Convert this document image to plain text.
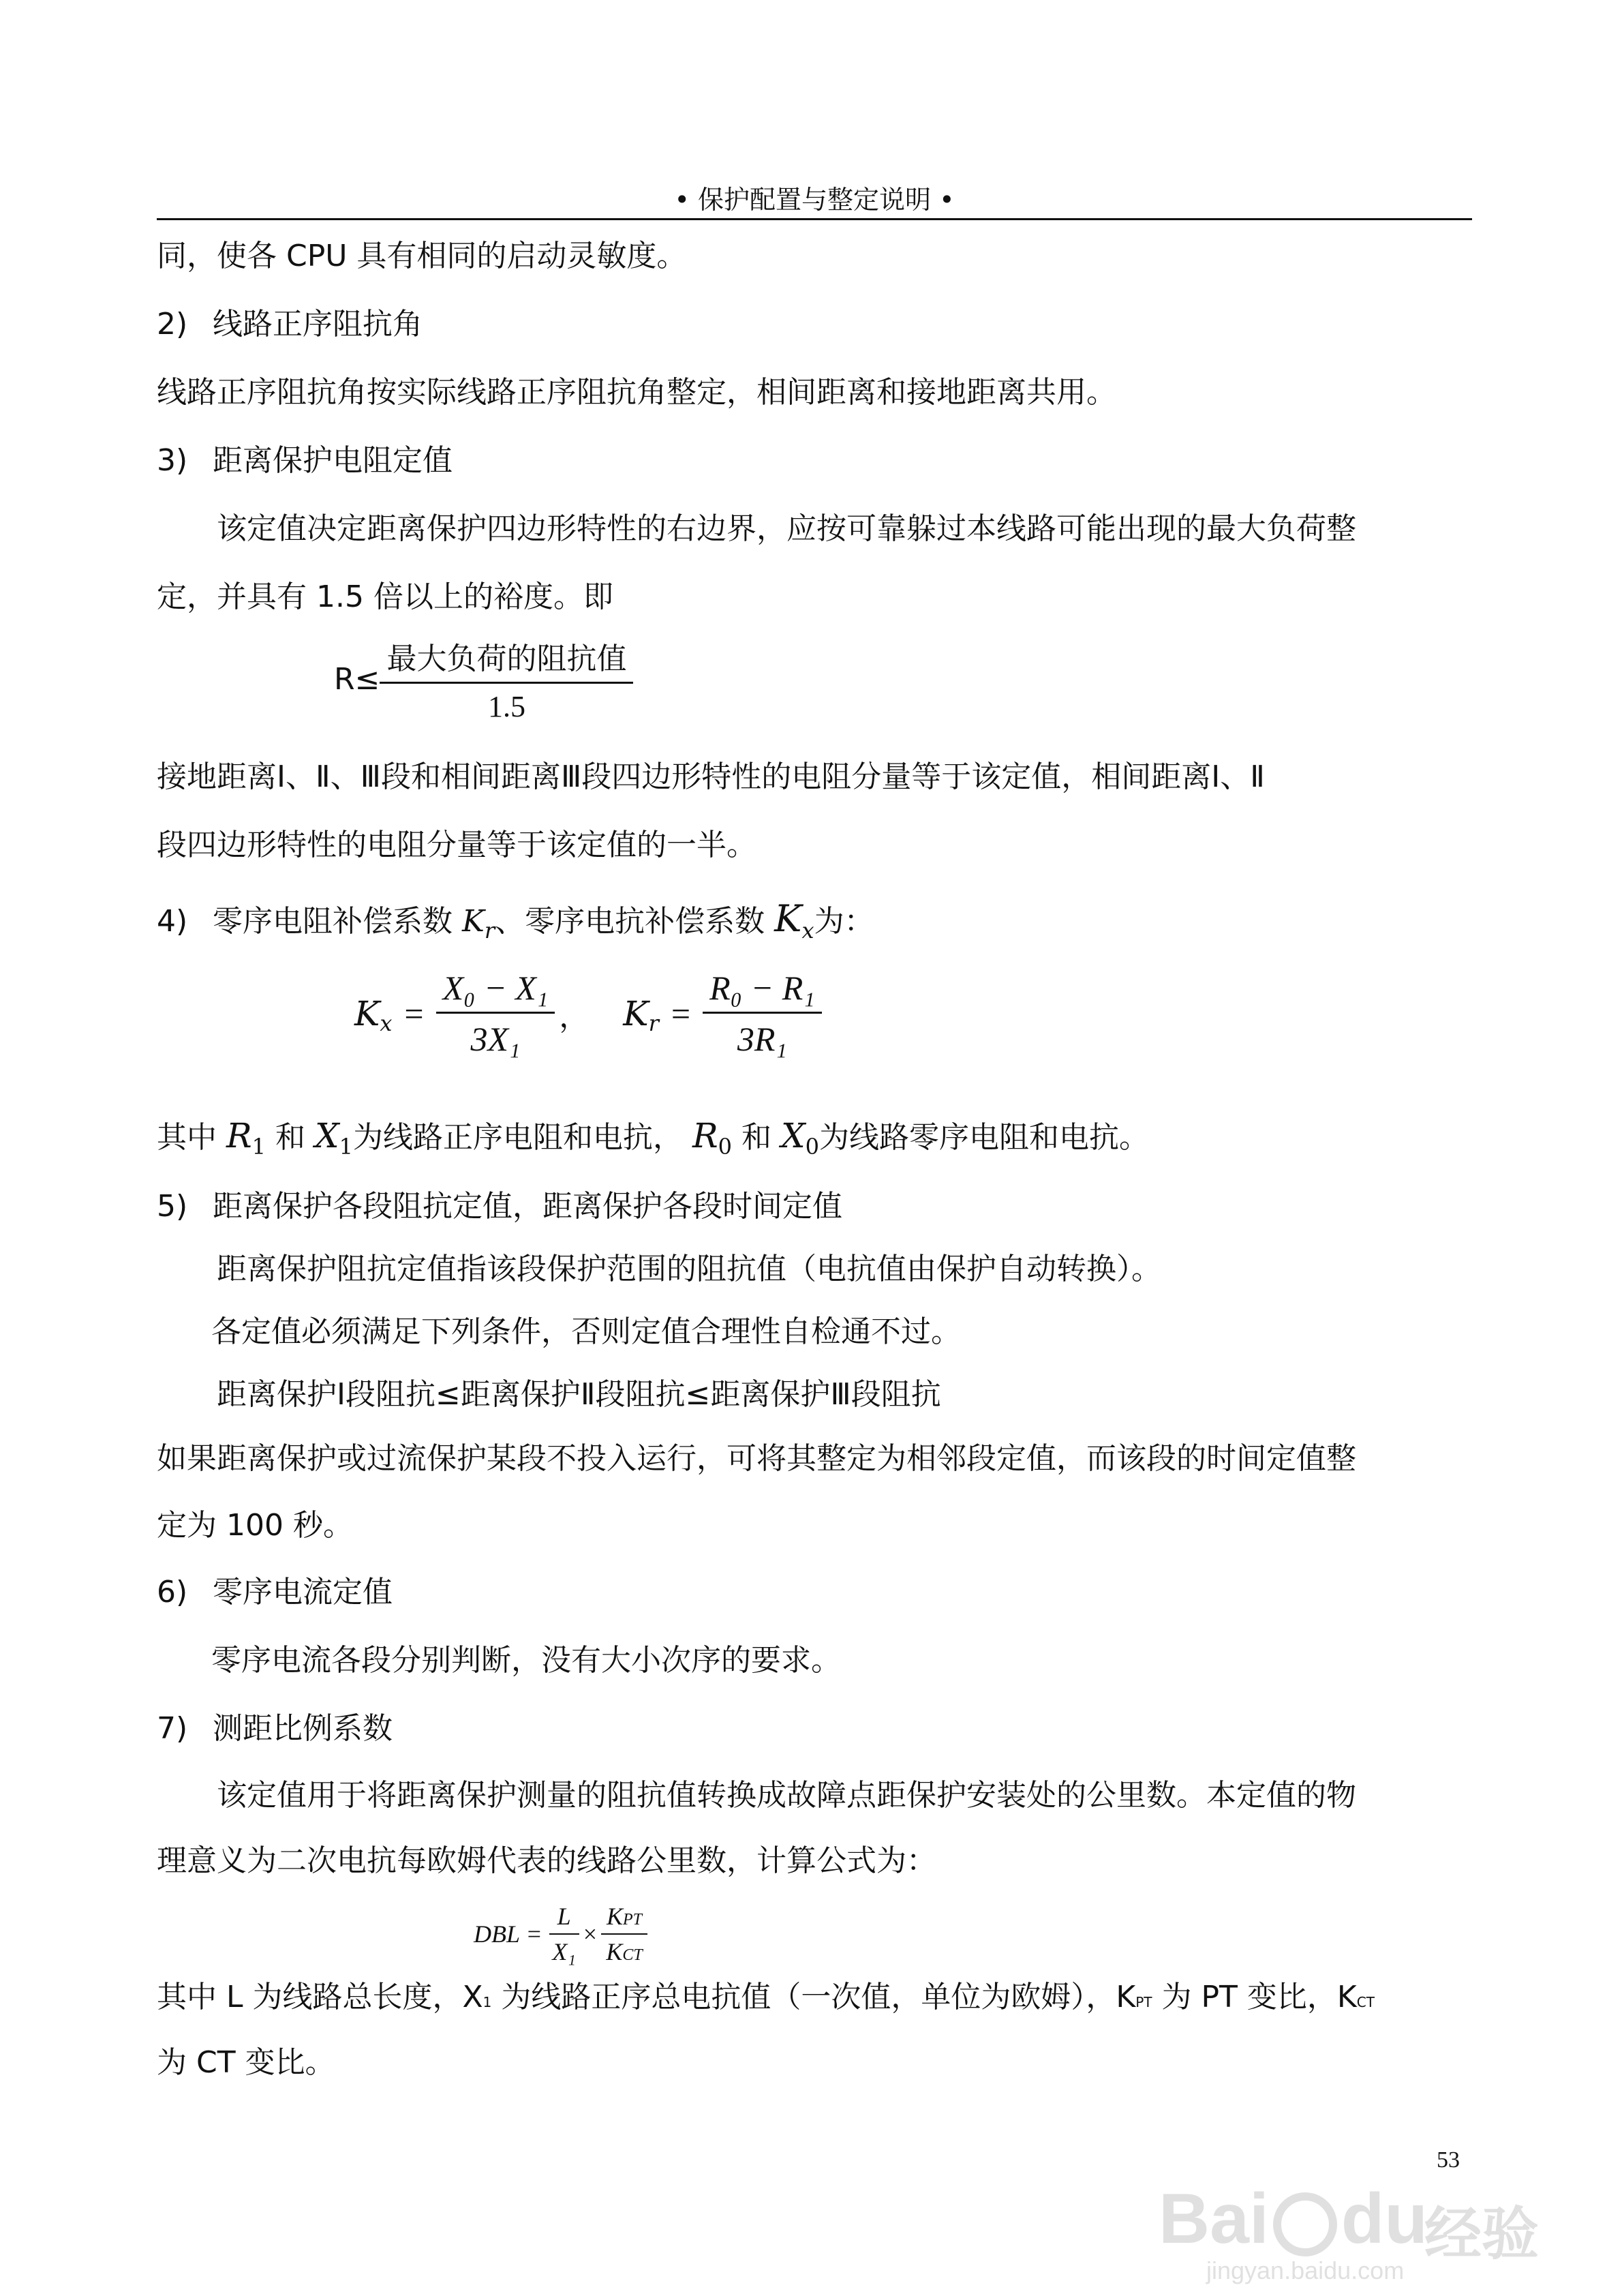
• 保护配置与整定说明 •
同，使各 CPU 具有相同的启动灵敏度。
2) 线路正序阻抗角
线路正序阻抗角按实际线路正序阻抗角整定，相间距离和接地距离共用。
3) 距离保护电阻定值
该定值决定距离保护四边形特性的右边界，应按可靠躲过本线路可能出现的最大负荷整
定，并具有 1.5 倍以上的裕度。即
$R\le \frac{\text{最大负荷的阻抗值}}{1.5}$
接地距离Ⅰ、Ⅱ、Ⅲ段和相间距离Ⅲ段四边形特性的电阻分量等于该定值，相间距离Ⅰ、Ⅱ
段四边形特性的电阻分量等于该定值的一半。
4) 零序电阻补偿系数 $K_r$、零序电抗补偿系数 $K_x$为：
K $x = \frac{\text{X₀ − X₁}}{\text{3X₁}}$ ， K $r = \frac{\text{R₀ − R₁}}{\text{3R₁}}$
其中 $R_1$ 和 $X_1$为线路正序电阻和电抗， $R_0$ 和 $X_0$为线路零序电阻和电抗。
5) 距离保护各段阻抗定值，距离保护各段时间定值
距离保护阻抗定值指该段保护范围的阻抗值（电抗值由保护自动转换）。
各定值必须满足下列条件，否则定值合理性自检通不过。
距离保护Ⅰ段阻抗≤距离保护Ⅱ段阻抗≤距离保护Ⅲ段阻抗
如果距离保护或过流保护某段不投入运行，可将其整定为相邻段定值，而该段的时间定值整
定为 100 秒。
6) 零序电流定值
零序电流各段分别判断，没有大小次序的要求。
7) 测距比例系数
该定值用于将距离保护测量的阻抗值转换成故障点距保护安装处的公里数。本定值的物
理意义为二次电抗每欧姆代表的线路公里数，计算公式为：
DBL = $\frac{L}{\text{X₁}} \times \frac{\text{KPT}}{\text{KCT}}$
其中 L 为线路总长度，X1 为线路正序总电抗值（一次值，单位为欧姆），KPT 为 PT 变比，KCT
为 CT 变比。
53
Bai du
经验
jingyan.baidu.com
